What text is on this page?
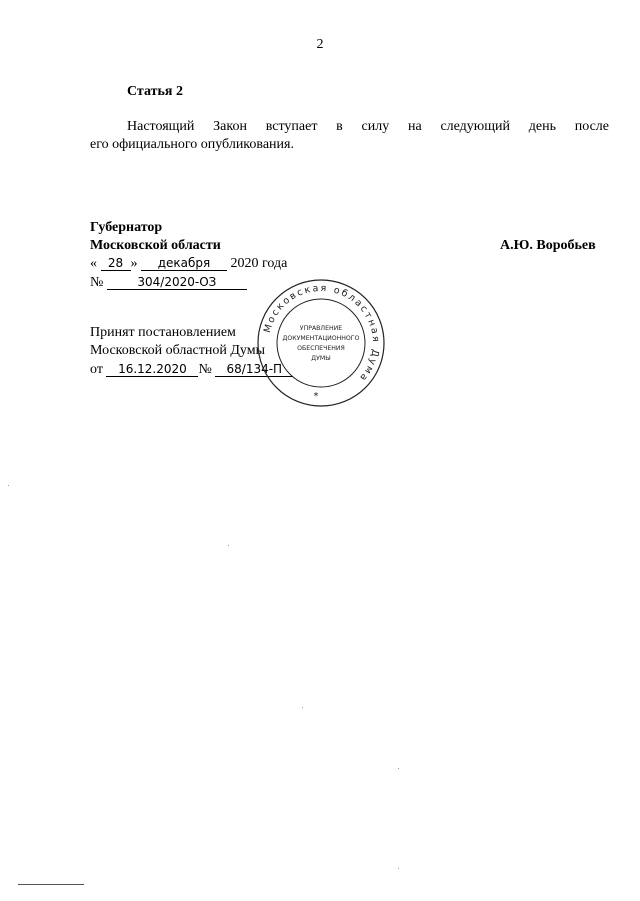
2
Статья 2
Настоящий Закон вступает в силу на следующий день после
его официального опубликования.
Губернатор
Московской области	А.Ю. Воробьев
« 28 » декабря 2020 года
№	304/2020-ОЗ
Принят постановлением
Московской областной Думы
от 16.12.2020 № 68/134-П
Московская областная Дума
УПРАВЛЕНИЕ
ДОКУМЕНТАЦИОННОГО
ОБЕСПЕЧЕНИЯ
ДУМЫ
*
